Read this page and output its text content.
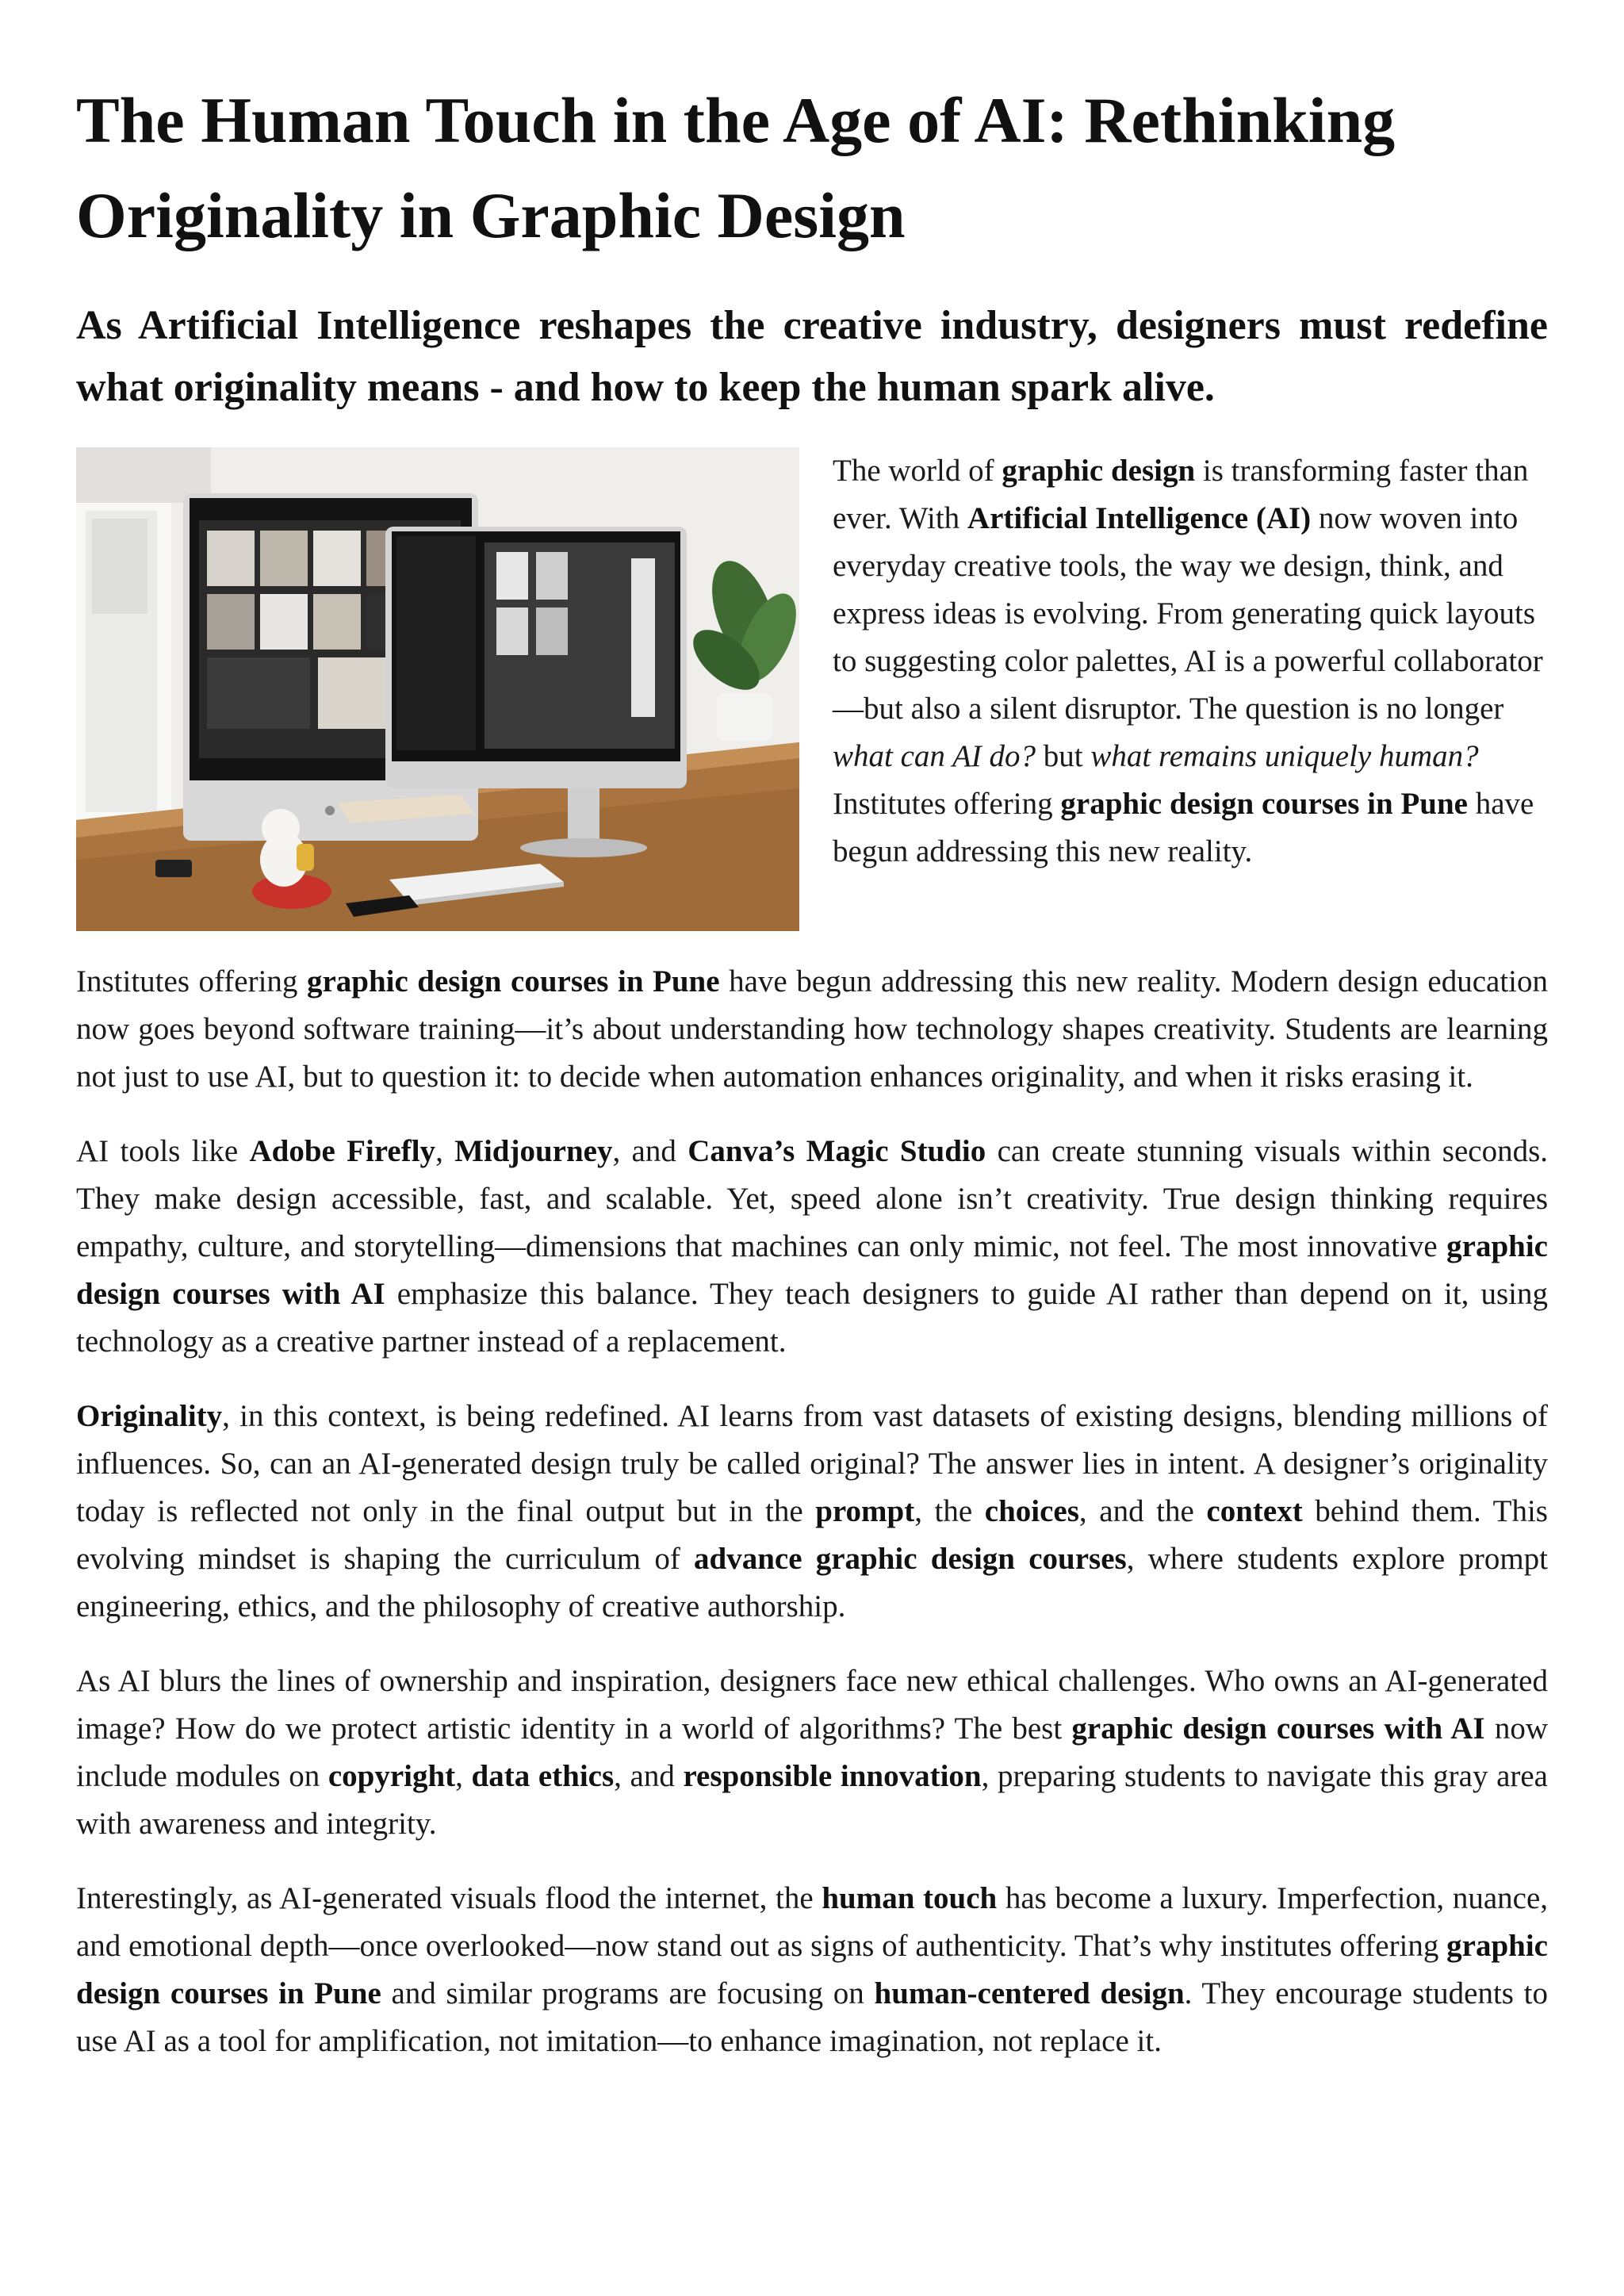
The Human Touch in the Age of AI: Rethinking Originality in Graphic Design
As Artificial Intelligence reshapes the creative industry, designers must redefine what originality means - and how to keep the human spark alive.

The world of graphic design is transforming faster than ever. With Artificial Intelligence (AI) now woven into everyday creative tools, the way we design, think, and express ideas is evolving. From generating quick layouts to suggesting color palettes, AI is a powerful collaborator—but also a silent disruptor. The question is no longer what can AI do? but what remains uniquely human? Institutes offering graphic design courses in Pune have begun addressing this new reality.

Institutes offering graphic design courses in Pune have begun addressing this new reality. Modern design education now goes beyond software training—it’s about understanding how technology shapes creativity. Students are learning not just to use AI, but to question it: to decide when automation enhances originality, and when it risks erasing it.

AI tools like Adobe Firefly, Midjourney, and Canva’s Magic Studio can create stunning visuals within seconds. They make design accessible, fast, and scalable. Yet, speed alone isn’t creativity. True design thinking requires empathy, culture, and storytelling—dimensions that machines can only mimic, not feel. The most innovative graphic design courses with AI emphasize this balance. They teach designers to guide AI rather than depend on it, using technology as a creative partner instead of a replacement.

Originality, in this context, is being redefined. AI learns from vast datasets of existing designs, blending millions of influences. So, can an AI-generated design truly be called original? The answer lies in intent. A designer’s originality today is reflected not only in the final output but in the prompt, the choices, and the context behind them. This evolving mindset is shaping the curriculum of advance graphic design courses, where students explore prompt engineering, ethics, and the philosophy of creative authorship.

As AI blurs the lines of ownership and inspiration, designers face new ethical challenges. Who owns an AI-generated image? How do we protect artistic identity in a world of algorithms? The best graphic design courses with AI now include modules on copyright, data ethics, and responsible innovation, preparing students to navigate this gray area with awareness and integrity.

Interestingly, as AI-generated visuals flood the internet, the human touch has become a luxury. Imperfection, nuance, and emotional depth—once overlooked—now stand out as signs of authenticity. That’s why institutes offering graphic design courses in Pune and similar programs are focusing on human-centered design. They encourage students to use AI as a tool for amplification, not imitation—to enhance imagination, not replace it.
